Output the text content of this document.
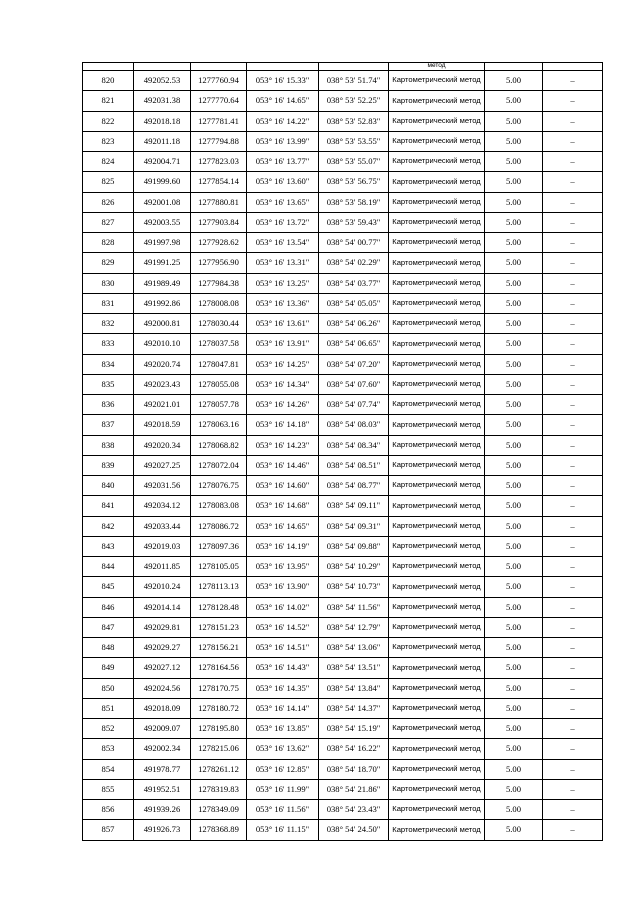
					метод		
820	492052.53	1277760.94	053° 16' 15.33"	038° 53' 51.74"	Картометрический метод	5.00	–
821	492031.38	1277770.64	053° 16' 14.65"	038° 53' 52.25"	Картометрический метод	5.00	–
822	492018.18	1277781.41	053° 16' 14.22"	038° 53' 52.83"	Картометрический метод	5.00	–
823	492011.18	1277794.88	053° 16' 13.99"	038° 53' 53.55"	Картометрический метод	5.00	–
824	492004.71	1277823.03	053° 16' 13.77"	038° 53' 55.07"	Картометрический метод	5.00	–
825	491999.60	1277854.14	053° 16' 13.60"	038° 53' 56.75"	Картометрический метод	5.00	–
826	492001.08	1277880.81	053° 16' 13.65"	038° 53' 58.19"	Картометрический метод	5.00	–
827	492003.55	1277903.84	053° 16' 13.72"	038° 53' 59.43"	Картометрический метод	5.00	–
828	491997.98	1277928.62	053° 16' 13.54"	038° 54' 00.77"	Картометрический метод	5.00	–
829	491991.25	1277956.90	053° 16' 13.31"	038° 54' 02.29"	Картометрический метод	5.00	–
830	491989.49	1277984.38	053° 16' 13.25"	038° 54' 03.77"	Картометрический метод	5.00	–
831	491992.86	1278008.08	053° 16' 13.36"	038° 54' 05.05"	Картометрический метод	5.00	–
832	492000.81	1278030.44	053° 16' 13.61"	038° 54' 06.26"	Картометрический метод	5.00	–
833	492010.10	1278037.58	053° 16' 13.91"	038° 54' 06.65"	Картометрический метод	5.00	–
834	492020.74	1278047.81	053° 16' 14.25"	038° 54' 07.20"	Картометрический метод	5.00	–
835	492023.43	1278055.08	053° 16' 14.34"	038° 54' 07.60"	Картометрический метод	5.00	–
836	492021.01	1278057.78	053° 16' 14.26"	038° 54' 07.74"	Картометрический метод	5.00	–
837	492018.59	1278063.16	053° 16' 14.18"	038° 54' 08.03"	Картометрический метод	5.00	–
838	492020.34	1278068.82	053° 16' 14.23"	038° 54' 08.34"	Картометрический метод	5.00	–
839	492027.25	1278072.04	053° 16' 14.46"	038° 54' 08.51"	Картометрический метод	5.00	–
840	492031.56	1278076.75	053° 16' 14.60"	038° 54' 08.77"	Картометрический метод	5.00	–
841	492034.12	1278083.08	053° 16' 14.68"	038° 54' 09.11"	Картометрический метод	5.00	–
842	492033.44	1278086.72	053° 16' 14.65"	038° 54' 09.31"	Картометрический метод	5.00	–
843	492019.03	1278097.36	053° 16' 14.19"	038° 54' 09.88"	Картометрический метод	5.00	–
844	492011.85	1278105.05	053° 16' 13.95"	038° 54' 10.29"	Картометрический метод	5.00	–
845	492010.24	1278113.13	053° 16' 13.90"	038° 54' 10.73"	Картометрический метод	5.00	–
846	492014.14	1278128.48	053° 16' 14.02"	038° 54' 11.56"	Картометрический метод	5.00	–
847	492029.81	1278151.23	053° 16' 14.52"	038° 54' 12.79"	Картометрический метод	5.00	–
848	492029.27	1278156.21	053° 16' 14.51"	038° 54' 13.06"	Картометрический метод	5.00	–
849	492027.12	1278164.56	053° 16' 14.43"	038° 54' 13.51"	Картометрический метод	5.00	–
850	492024.56	1278170.75	053° 16' 14.35"	038° 54' 13.84"	Картометрический метод	5.00	–
851	492018.09	1278180.72	053° 16' 14.14"	038° 54' 14.37"	Картометрический метод	5.00	–
852	492009.07	1278195.80	053° 16' 13.85"	038° 54' 15.19"	Картометрический метод	5.00	–
853	492002.34	1278215.06	053° 16' 13.62"	038° 54' 16.22"	Картометрический метод	5.00	–
854	491978.77	1278261.12	053° 16' 12.85"	038° 54' 18.70"	Картометрический метод	5.00	–
855	491952.51	1278319.83	053° 16' 11.99"	038° 54' 21.86"	Картометрический метод	5.00	–
856	491939.26	1278349.09	053° 16' 11.56"	038° 54' 23.43"	Картометрический метод	5.00	–
857	491926.73	1278368.89	053° 16' 11.15"	038° 54' 24.50"	Картометрический метод	5.00	–
